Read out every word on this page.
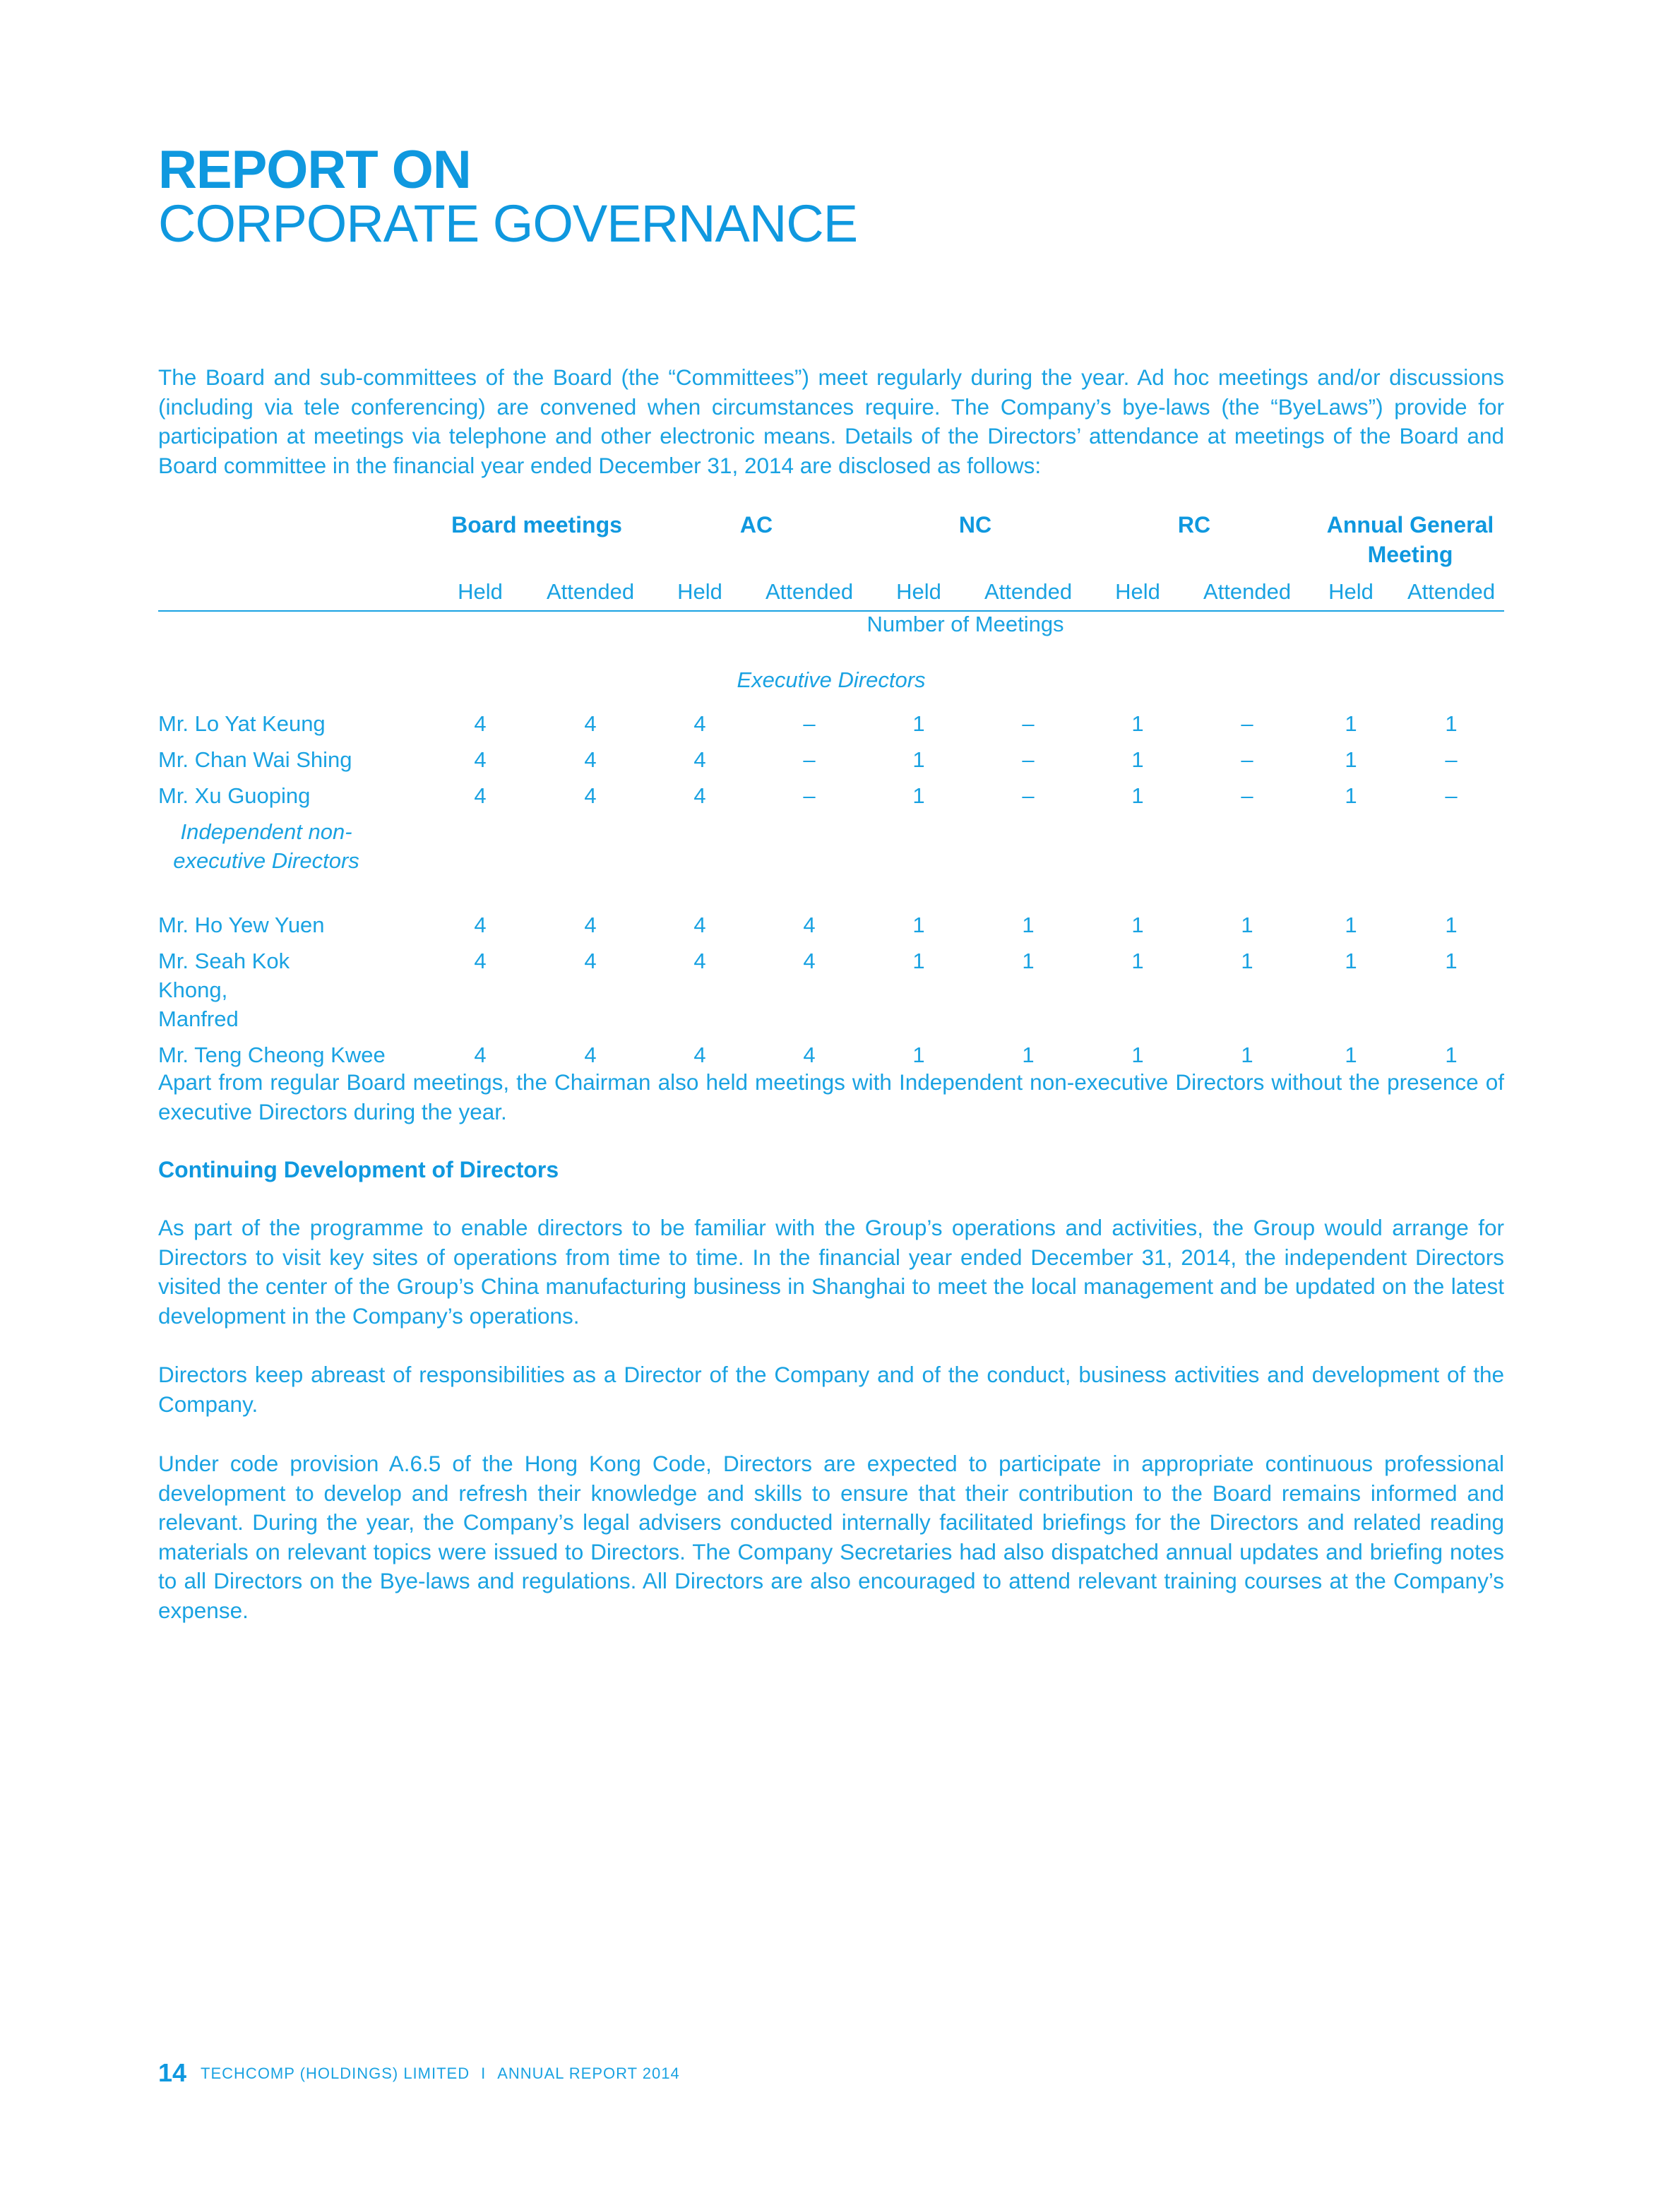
REPORT ON
CORPORATE GOVERNANCE

The Board and sub-committees of the Board (the “Committees”) meet regularly during the year. Ad hoc meetings and/or discussions (including via tele conferencing) are convened when circumstances require. The Company’s bye-laws (the “ByeLaws”) provide for participation at meetings via telephone and other electronic means. Details of the Directors’ attendance at meetings of the Board and Board committee in the financial year ended December 31, 2014 are disclosed as follows:

	Board meetings		AC		NC		RC		Annual General Meeting	
	Held	Attended	Held	Attended	Held	Attended	Held	Attended	Held	Attended
	Number of Meetings									
Executive Directors										
Mr. Lo Yat Keung	4	4	4	–	1	–	1	–	1	1
Mr. Chan Wai Shing	4	4	4	–	1	–	1	–	1	–
Mr. Xu Guoping	4	4	4	–	1	–	1	–	1	–
Independent non-executive Directors										
Mr. Ho Yew Yuen	4	4	4	4	1	1	1	1	1	1
Mr. Seah Kok Khong, Manfred	4	4	4	4	1	1	1	1	1	1
Mr. Teng Cheong Kwee	4	4	4	4	1	1	1	1	1	1

Apart from regular Board meetings, the Chairman also held meetings with Independent non-executive Directors without the presence of executive Directors during the year.

Continuing Development of Directors

As part of the programme to enable directors to be familiar with the Group’s operations and activities, the Group would arrange for Directors to visit key sites of operations from time to time. In the financial year ended December 31, 2014, the independent Directors visited the center of the Group’s China manufacturing business in Shanghai to meet the local management and be updated on the latest development in the Company’s operations.

Directors keep abreast of responsibilities as a Director of the Company and of the conduct, business activities and development of the Company.

Under code provision A.6.5 of the Hong Kong Code, Directors are expected to participate in appropriate continuous professional development to develop and refresh their knowledge and skills to ensure that their contribution to the Board remains informed and relevant. During the year, the Company’s legal advisers conducted internally facilitated briefings for the Directors and related reading materials on relevant topics were issued to Directors. The Company Secretaries had also dispatched annual updates and briefing notes to all Directors on the Bye-laws and regulations. All Directors are also encouraged to attend relevant training courses at the Company’s expense.

14 TECHCOMP (HOLDINGS) LIMITED I ANNUAL REPORT 2014
